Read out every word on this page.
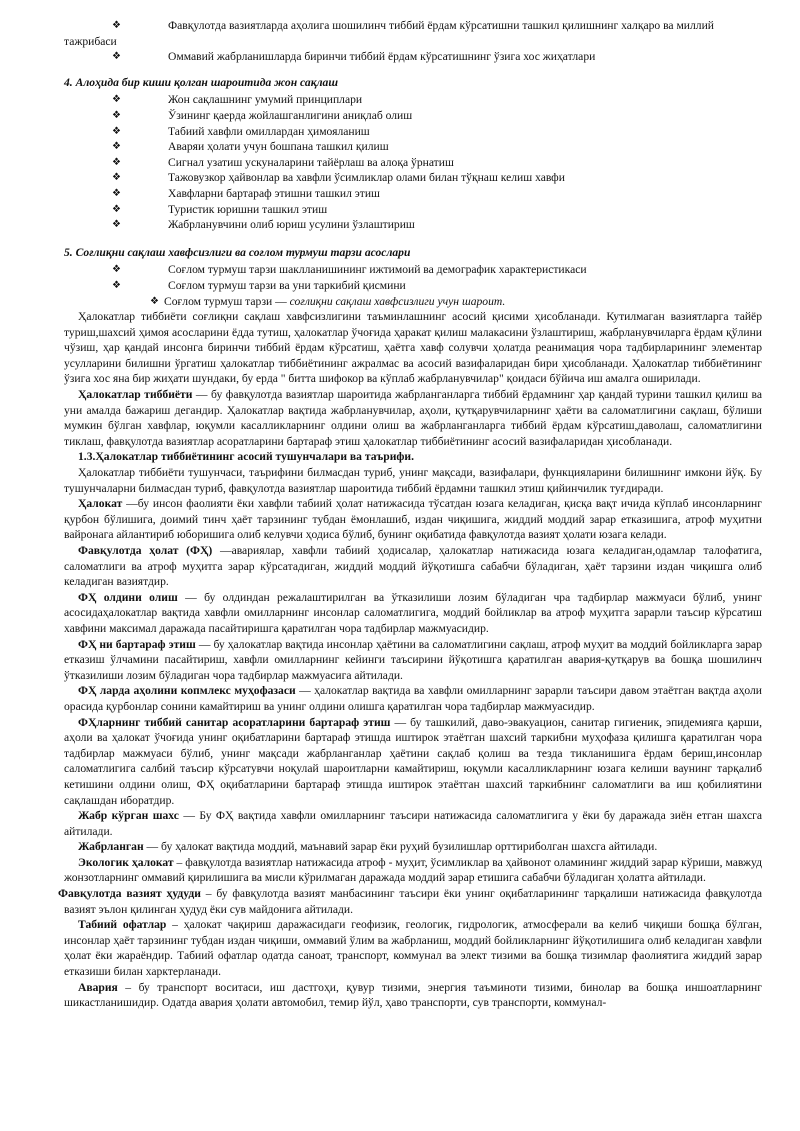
❖	Фавқулотда вазиятларда аҳолига шошилинч тиббий ёрдам кўрсатишни ташкил қилишнинг халқаро ва миллий тажрибаси
❖	Оммавий жабрланишларда биринчи тиббий ёрдам кўрсатишнинг ўзига хос жиҳатлари
4. Алоҳида бир киши қолган шароитида жон сақлаш
❖	Жон сақлашнинг умумий принциплари
❖	Ўзининг қаерда жойлашганлигини аниқлаб олиш
❖	Табиий хавфли омиллардан ҳимояланиш
❖	Аваряи ҳолати учун бошпана ташкил қилиш
❖	Сигнал узатиш ускуналарини тайёрлаш ва алоқа ўрнатиш
❖	Тажовузкор ҳайвонлар ва хавфли ўсимликлар олами билан тўқнаш келиш хавфи
❖	Хавфларни бартараф этишни ташкил этиш
❖	Туристик юришни ташкил этиш
❖	Жабрланувчини олиб юриш усулини ўзлаштириш
5. Соғлиқни сақлаш хавфсизлиги ва соғлом турмуш тарзи асослари
❖	Соғлом турмуш тарзи шаклланишининг ижтимоий ва демографик характеристикаси
❖	Соғлом турмуш тарзи ва уни таркибий қисмини
❖ Соғлом турмуш тарзи — соғлиқни сақлаш хавфсизлиги учун шароит.

Ҳалокатлар тиббиёти соғлиқни сақлаш хавфсизлигини таъминлашнинг асосий қисими ҳисобланади. Кутилмаган вазиятларга тайёр туриш,шахсий ҳимоя асосларини ёдда тутиш, ҳалокатлар ўчоғида ҳаракат қилиш малакасини ўзлаштириш, жабрланувчиларга ёрдам қўлини чўзиш, ҳар қандай инсонга биринчи тиббий ёрдам кўрсатиш, ҳаётга хавф солувчи ҳолатда реанимация чора тадбирларининг элементар усулларини билишни ўргатиш ҳалокатлар тиббиётининг ажралмас ва асосий вазифаларидан бири ҳисобланади. Ҳалокатлар тиббиётининг ўзига хос яна бир жиҳати шундаки, бу ерда " битта шифокор ва кўплаб жабрланувчилар" қоидаси бўйича иш амалга оширилади.

Ҳалокатлар тиббиёти — бу фавқулотда вазиятлар шароитида жабрланганларга тиббий ёрдамнинг ҳар қандай турини ташкил қилиш ва уни амалда бажариш дегандир. Ҳалокатлар вақтида жабрланувчилар, аҳоли, қутқарувчиларнинг ҳаёти ва саломатлигини сақлаш, бўлиши мумкин бўлган хавфлар, юқумли касалликларнинг олдини олиш ва жабрланганларга тиббий ёрдам кўрсатиш,даволаш, саломатлигини тиклаш, фавқулотда вазиятлар асоратларини бартараф этиш ҳалокатлар тиббиётининг асосий вазифаларидан ҳисобланади.

1.3.Ҳалокатлар тиббиётининг асосий тушунчалари ва таърифи.

Ҳалокатлар тиббиёти тушунчаси, таърифини билмасдан туриб, унинг мақсади, вазифалари, функцияларини билишнинг имкони йўқ. Бу тушунчаларни билмасдан туриб, фавқулотда вазиятлар шароитида тиббий ёрдамни ташкил этиш қийинчилик туғдиради.

Ҳалокат —бу инсон фаолияти ёки хавфли табиий ҳолат натижасида тўсатдан юзага келадиган, қисқа вақт ичида кўплаб инсонларнинг қурбон бўлишига, доимий тинч ҳаёт тарзининг тубдан ёмонлашиб, издан чиқишига, жиддий моддий зарар етказишига, атроф муҳитни вайронага айлантириб юборишига олиб келувчи ҳодиса бўлиб, бунинг оқибатида фавқулотда вазият ҳолати юзага келади.

Фавқулотда ҳолат (ФҲ) —авариялар, хавфли табиий ҳодисалар, ҳалокатлар натижасида юзага келадиган,одамлар талофатига, саломатлиги ва атроф муҳитга зарар кўрсатадиган, жиддий моддий йўқотишга сабабчи бўладиган, ҳаёт тарзини издан чиқишга олиб келадиган вазиятдир.

ФҲ олдини олиш — бу олдиндан режалаштирилган ва ўтказилиши лозим бўладиган чра тадбирлар мажмуаси бўлиб, унинг асосидаҳалокатлар вақтида хавфли омилларнинг инсонлар саломатлигига, моддий бойликлар ва атроф муҳитга зарарли таъсир кўрсатиш хавфини максимал даражада пасайтиришга қаратилган чора тадбирлар мажмуасидир.

ФҲ ни бартараф этиш — бу ҳалокатлар вақтида инсонлар ҳаётини ва саломатлигини сақлаш, атроф муҳит ва моддий бойликларга зарар етказиш ўлчамини пасайтириш, хавфли омилларнинг кейинги таъсирини йўқотишга қаратилган авария-қутқарув ва бошқа шошилинч ўтказилиши лозим бўладиган чора тадбирлар мажмуасига айтилади.

ФҲ ларда аҳолини копмлекс муҳофазаси — ҳалокатлар вақтида ва хавфли омилларнинг зарарли таъсири давом этаётган вақтда аҳоли орасида қурбонлар сонини камайтириш ва унинг олдини олишга қаратилган чора тадбирлар мажмуасидир.

ФҲларнинг тиббий санитар асоратларини бартараф этиш — бу ташкилий, даво-эвакуацион, санитар гигиеник, эпидемияга қарши, аҳоли ва ҳалокат ўчоғида унинг оқибатларини бартараф этишда иштирок этаётган шахсий таркибни муҳофаза қилишга қаратилган чора тадбирлар мажмуаси бўлиб, унинг мақсади жабрланганлар ҳаётини сақлаб қолиш ва тезда тикланишига ёрдам бериш,инсонлар саломатлигига салбий таъсир кўрсатувчи ноқулай шароитларни камайтириш, юқумли касалликларнинг юзага келиши ваунинг тарқалиб кетишини олдини олиш, ФҲ оқибатларини бартараф этишда иштирок этаётган шахсий таркибнинг саломатлиги ва иш қобилиятини сақлашдан иборатдир.

Жабр кўрган шахс — Бу ФҲ вақтида хавфли омилларнинг таъсири натижасида саломатлигига у ёки бу даражада зиён етган шахсга айтилади.

Жабрланган — бу ҳалокат вақтида моддий, маънавий зарар ёки руҳий бузилишлар орттириболган шахсга айтилади.

Экологик ҳалокат – фавқулотда вазиятлар натижасида атроф - муҳит, ўсимликлар ва ҳайвонот оламининг жиддий зарар кўриши, мавжуд жонзотларнинг оммавий қирилишига ва мисли кўрилмаган даражада моддий зарар етишига сабабчи бўладиган ҳолатга айтилади.

Фавқулотда вазият ҳудуди – бу фавқулотда вазият манбасининг таъсири ёки унинг оқибатларининг тарқалиши натижасида фавқулотда вазият эълон қилинган ҳудуд ёки сув майдонига айтилади.

Табиий офатлар – ҳалокат чақириш даражасидаги геофизик, геологик, гидрологик, атмосферали ва келиб чиқиши бошқа бўлган, инсонлар ҳаёт тарзининг тубдан издан чиқиши, оммавий ўлим ва жабрланиш, моддий бойликларнинг йўқотилишига олиб келадиган хавфли ҳолат ёки жараёндир. Табиий офатлар одатда саноат, транспорт, коммунал ва элект тизими ва бошқа тизимлар фаолиятига жиддий зарар етказиши билан харктерланади.

Авария – бу транспорт воситаси, иш дастгоҳи, қувур тизими, энергия таъминоти тизими, бинолар ва бошқа иншоатларнинг шикастланишидир. Одатда авария ҳолати автомобил, темир йўл, ҳаво транспорти, сув транспорти, коммунал-
